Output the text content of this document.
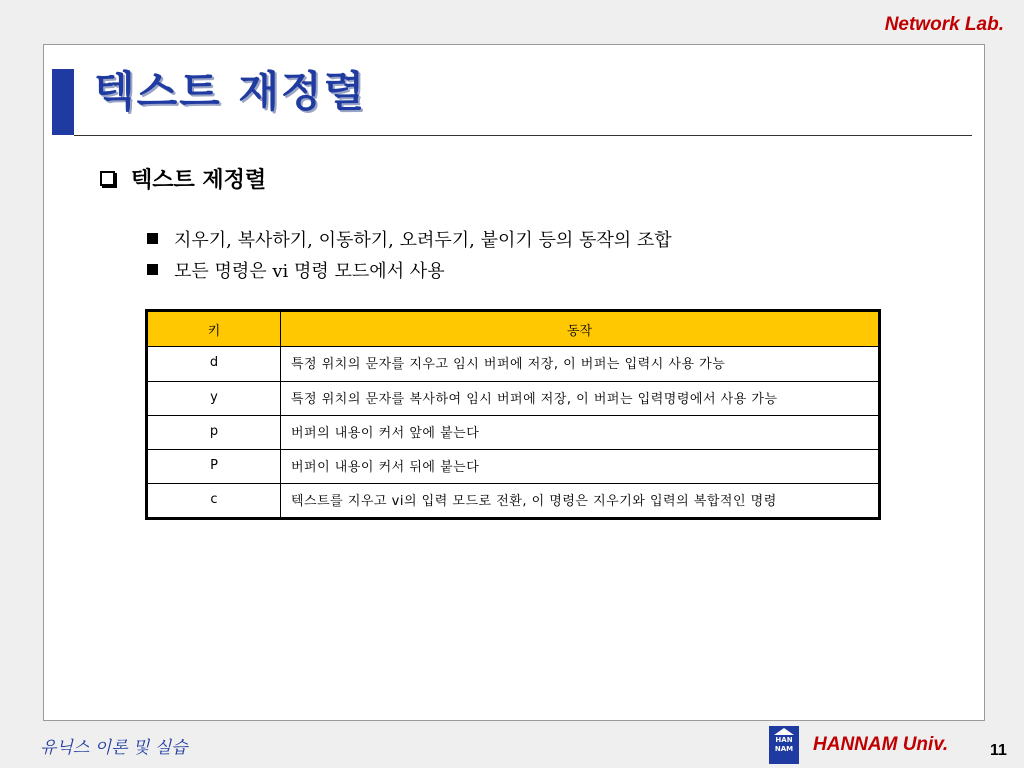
Network Lab.
텍스트 재정렬
텍스트 제정렬
지우기, 복사하기, 이동하기, 오려두기, 붙이기 등의 동작의 조합
모든 명령은 vi 명령 모드에서 사용
키	동작
d	특정 위치의 문자를 지우고 임시 버퍼에 저장, 이 버퍼는 입력시 사용 가능
y	특정 위치의 문자를 복사하여 임시 버퍼에 저장, 이 버퍼는 입력명령에서 사용 가능
p	버퍼의 내용이 커서 앞에 붙는다
P	버퍼이 내용이 커서 뒤에 붙는다
c	텍스트를 지우고 vi의 입력 모드로 전환, 이 명령은 지우기와 입력의 복합적인 명령
유닉스 이론 및 실습	HAN NAM	HANNAM Univ.	11
